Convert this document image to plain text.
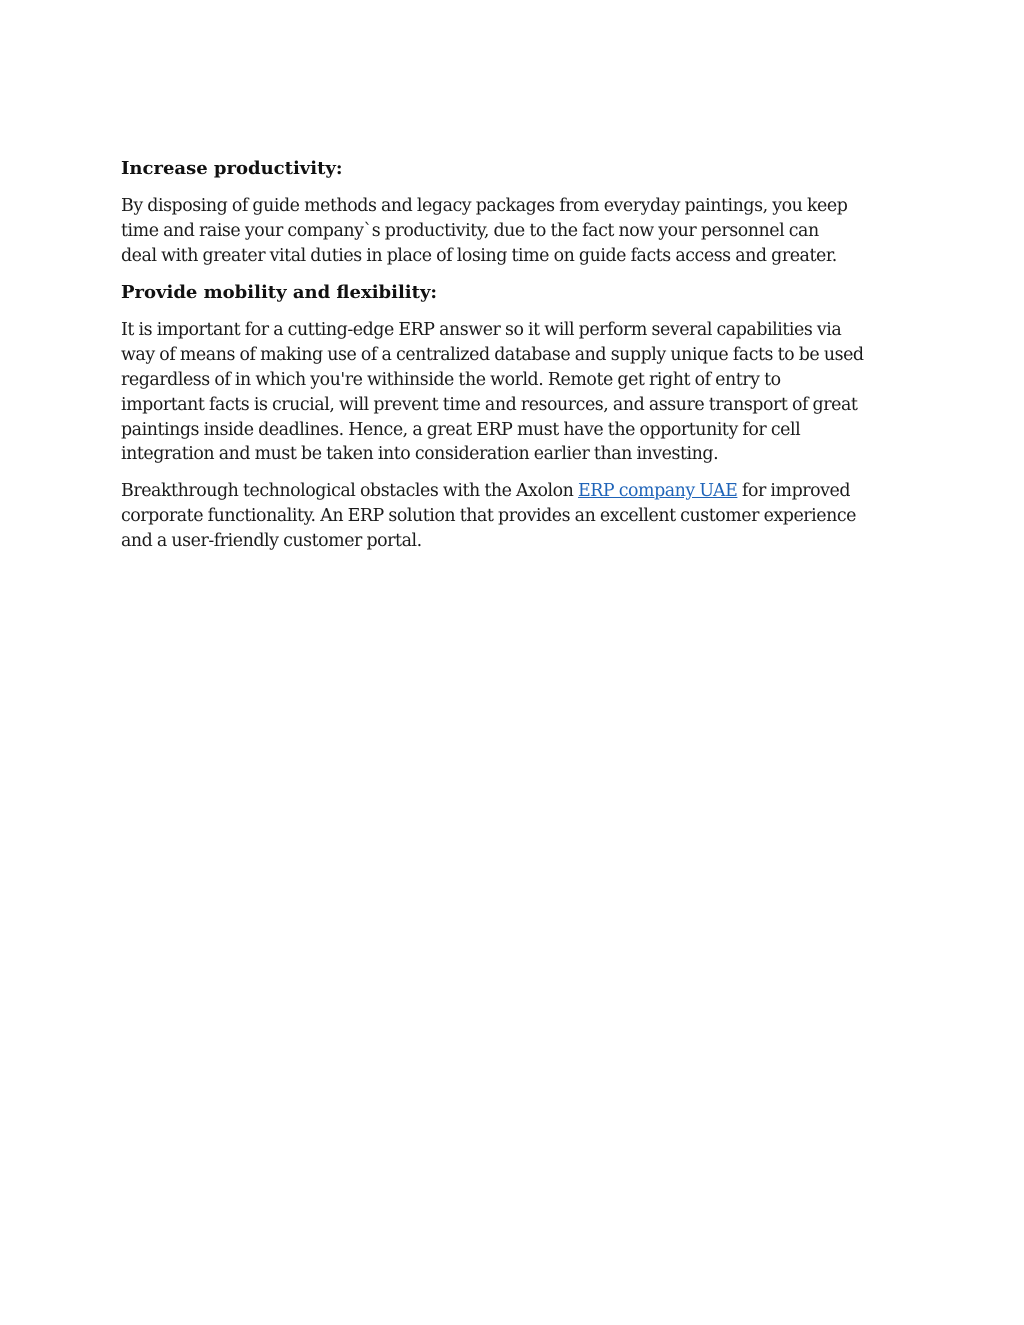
Increase productivity:

By disposing of guide methods and legacy packages from everyday paintings, you keep
time and raise your company`s productivity, due to the fact now your personnel can
deal with greater vital duties in place of losing time on guide facts access and greater.

Provide mobility and flexibility:

It is important for a cutting-edge ERP answer so it will perform several capabilities via
way of means of making use of a centralized database and supply unique facts to be used
regardless of in which you're withinside the world. Remote get right of entry to
important facts is crucial, will prevent time and resources, and assure transport of great
paintings inside deadlines. Hence, a great ERP must have the opportunity for cell
integration and must be taken into consideration earlier than investing.

Breakthrough technological obstacles with the Axolon ERP company UAE for improved
corporate functionality. An ERP solution that provides an excellent customer experience
and a user-friendly customer portal.
